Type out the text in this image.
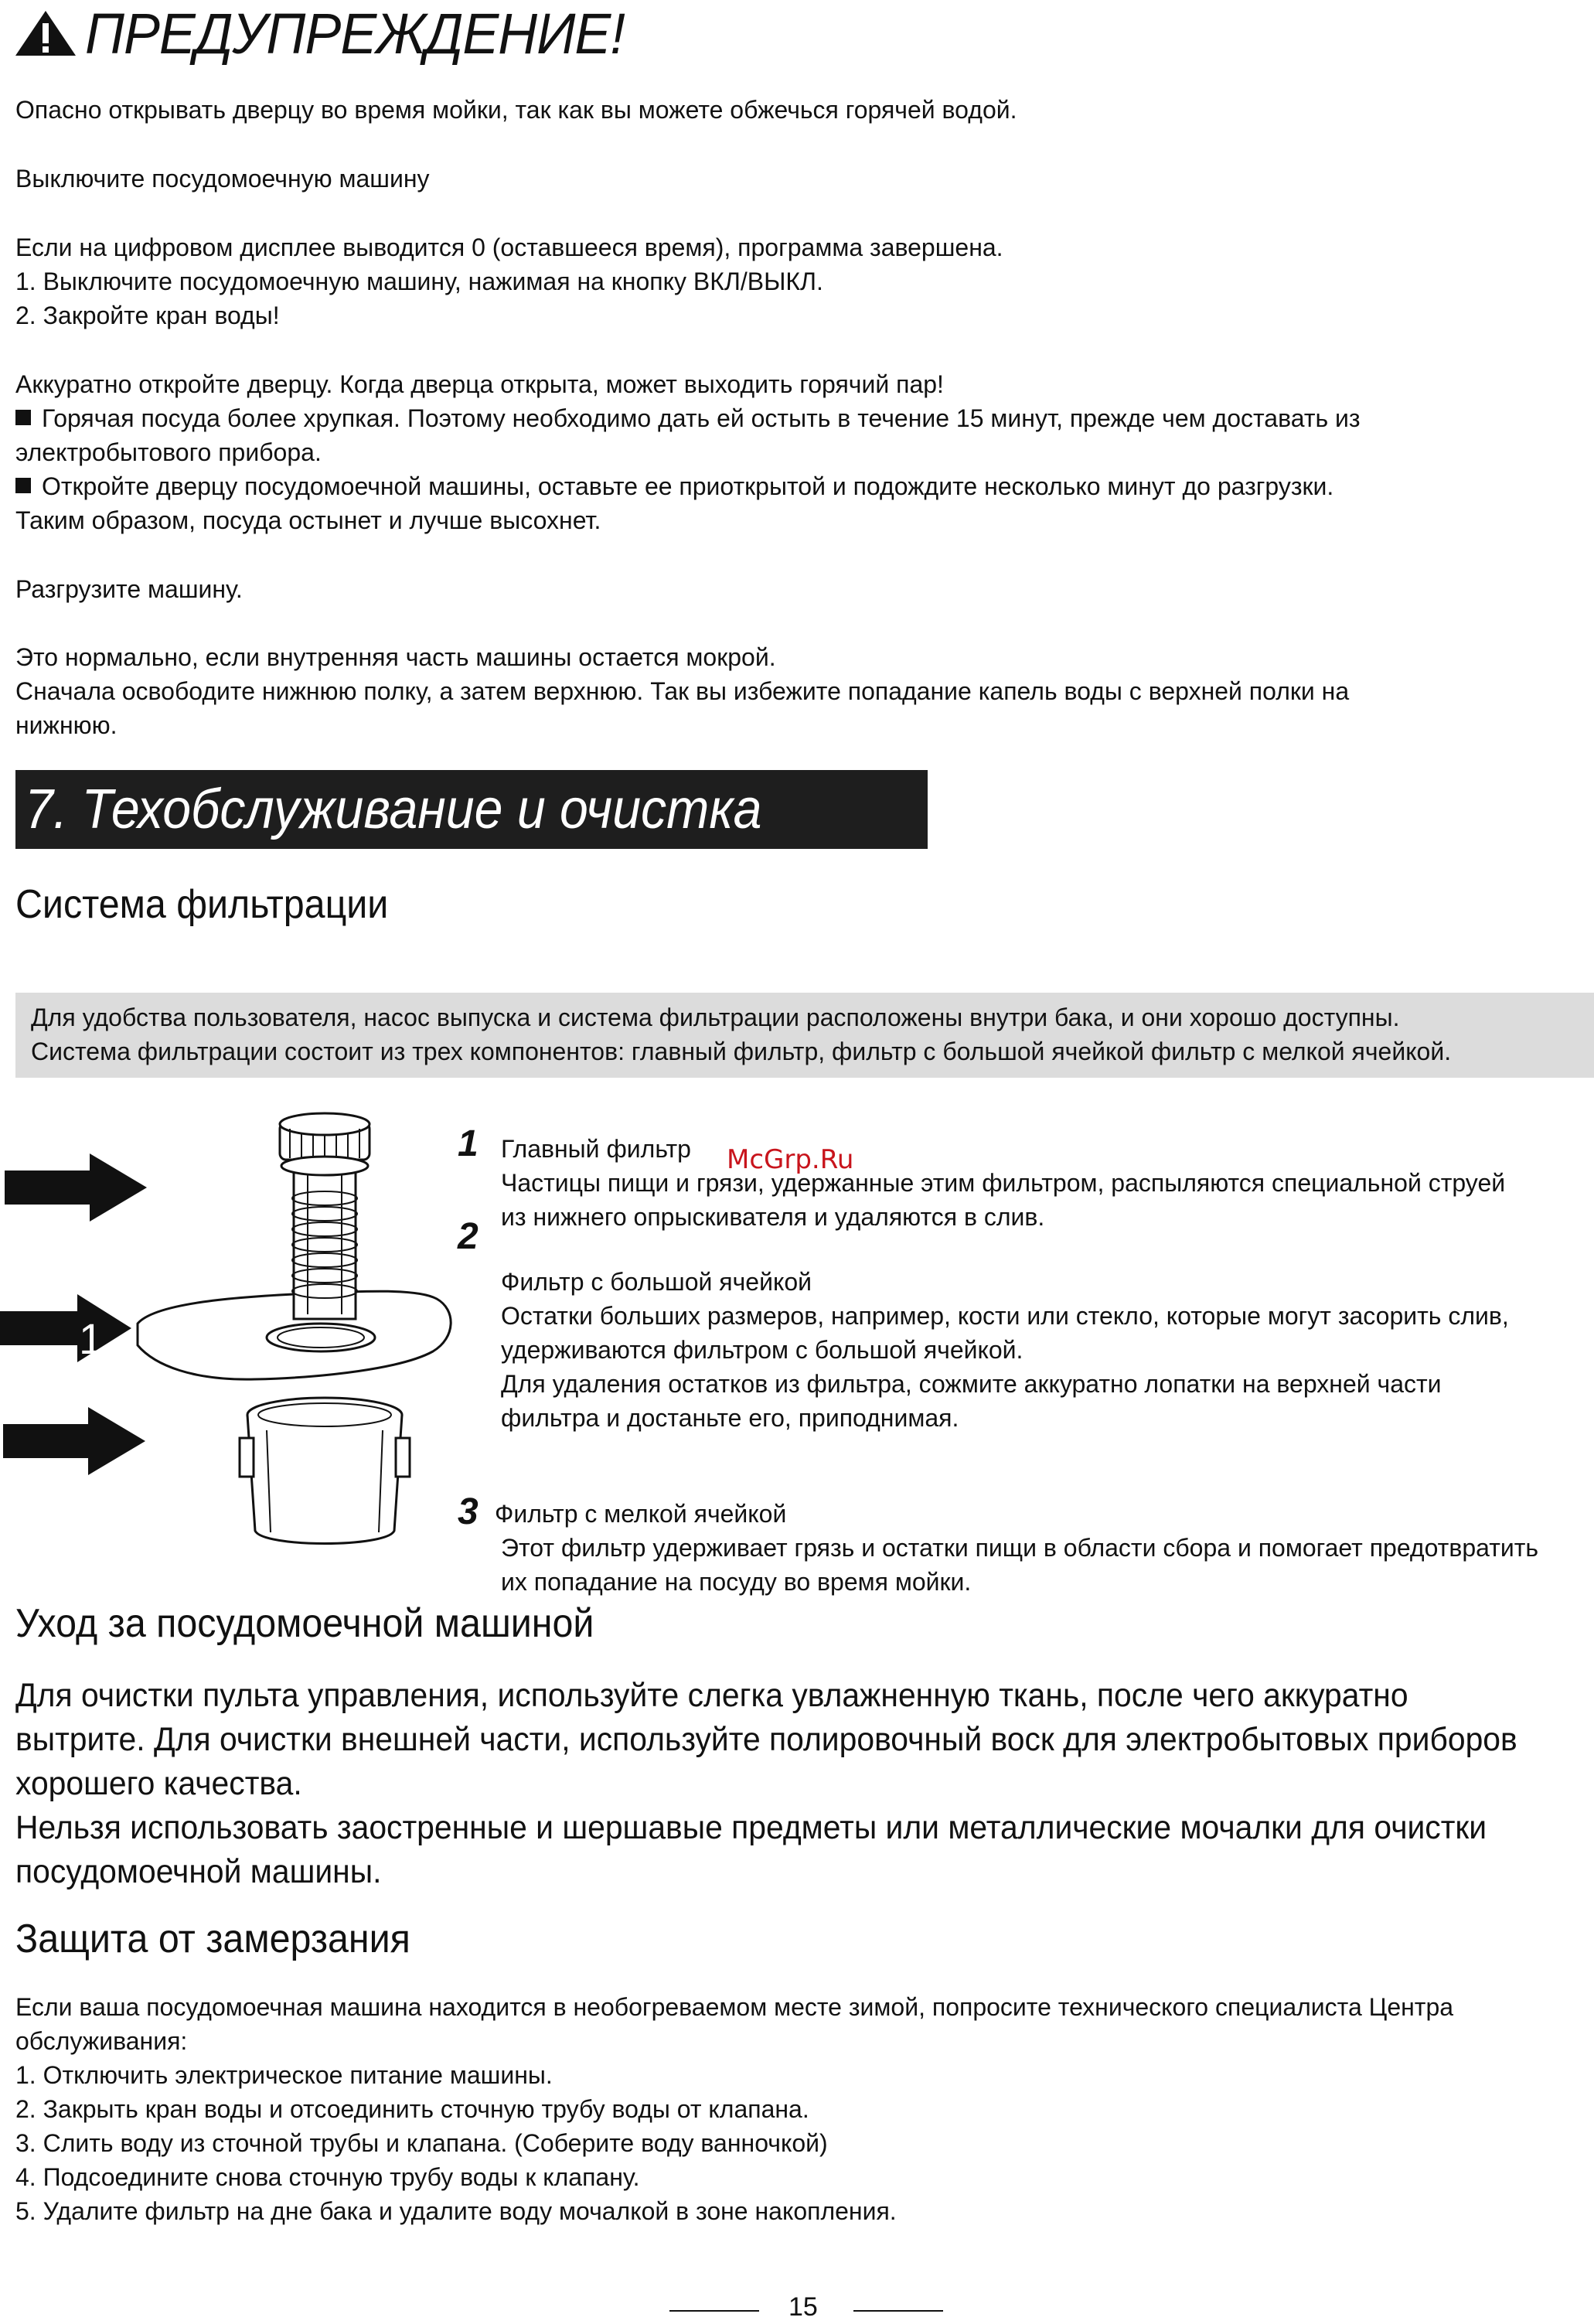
ПРЕДУПРЕЖДЕНИЕ!
Опасно открывать дверцу во время мойки, так как вы можете обжечься горячей водой.
Выключите посудомоечную машину
Если на цифровом дисплее выводится 0 (оставшееся время), программа завершена.
1. Выключите посудомоечную машину, нажимая на кнопку ВКЛ/ВЫКЛ.
2. Закройте кран воды!
Аккуратно откройте дверцу. Когда дверца открыта, может выходить горячий пар!
Горячая посуда более хрупкая. Поэтому необходимо дать ей остыть в течение 15 минут, прежде чем доставать из
электробытового прибора.
Откройте дверцу посудомоечной машины, оставьте ее приоткрытой и подождите несколько минут до разгрузки.
Таким образом, посуда остынет и лучше высохнет.
Разгрузите машину.
Это нормально, если внутренняя часть машины остается мокрой.
Сначала освободите нижнюю полку, а затем верхнюю. Так вы избежите попадание капель воды с верхней полки на
нижнюю.
7. Техобслуживание и очистка
Система фильтрации
Для удобства пользователя, насос выпуска и система фильтрации расположены внутри бака, и они хорошо доступны.
Система фильтрации состоит из трех компонентов: главный фильтр, фильтр с большой ячейкой фильтр с мелкой ячейкой.
1
McGrp.Ru
1 Главный фильтр
Частицы пищи и грязи, удержанные этим фильтром, распыляются специальной струей
из нижнего опрыскивателя и удаляются в слив.
2
Фильтр с большой ячейкой
Остатки больших размеров, например, кости или стекло, которые могут засорить слив,
удерживаются фильтром с большой ячейкой.
Для удаления остатков из фильтра, сожмите аккуратно лопатки на верхней части
фильтра и достаньте его, приподнимая.
3 Фильтр с мелкой ячейкой
Этот фильтр удерживает грязь и остатки пищи в области сбора и помогает предотвратить
их попадание на посуду во время мойки.
Уход за посудомоечной машиной
Для очистки пульта управления, используйте слегка увлажненную ткань, после чего аккуратно
вытрите. Для очистки внешней части, используйте полировочный воск для электробытовых приборов
хорошего качества.
Нельзя использовать заостренные и шершавые предметы или металлические мочалки для очистки
посудомоечной машины.
Защита от замерзания
Если ваша посудомоечная машина находится в необогреваемом месте зимой, попросите технического специалиста Центра
обслуживания:
1. Отключить электрическое питание машины.
2. Закрыть кран воды и отсоединить сточную трубу воды от клапана.
3. Слить воду из сточной трубы и клапана. (Соберите воду ванночкой)
4. Подсоедините снова сточную трубу воды к клапану.
5. Удалите фильтр на дне бака и удалите воду мочалкой в зоне накопления.
15
